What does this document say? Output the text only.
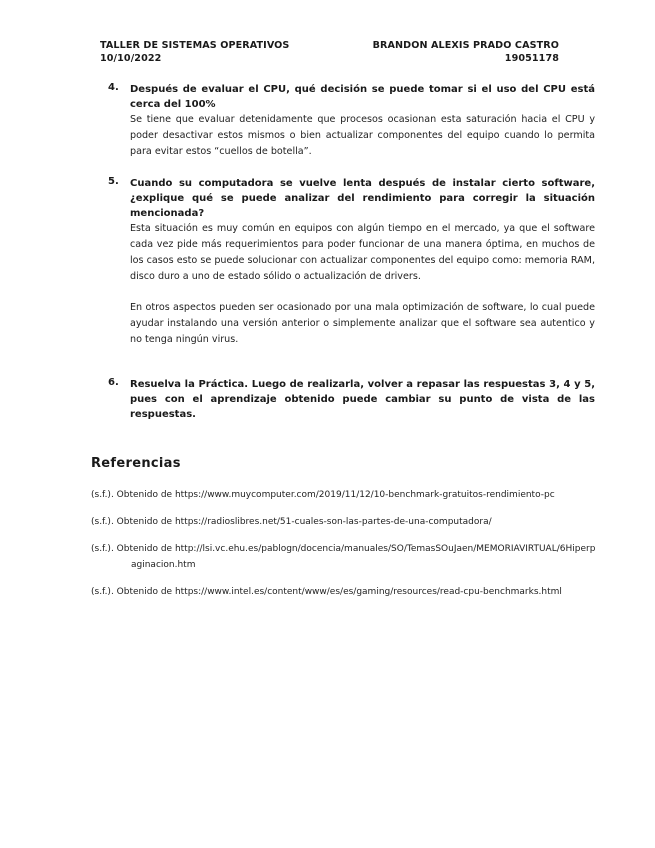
TALLER DE SISTEMAS OPERATIVOS
10/10/2022
BRANDON ALEXIS PRADO CASTRO
19051178
4. Después de evaluar el CPU, qué decisión se puede tomar si el uso del CPU está cerca del 100%

Se tiene que evaluar detenidamente que procesos ocasionan esta saturación hacia el CPU y poder desactivar estos mismos o bien actualizar componentes del equipo cuando lo permita para evitar estos “cuellos de botella”.

5. Cuando su computadora se vuelve lenta después de instalar cierto software, ¿explique qué se puede analizar del rendimiento para corregir la situación mencionada?

Esta situación es muy común en equipos con algún tiempo en el mercado, ya que el software cada vez pide más requerimientos para poder funcionar de una manera óptima, en muchos de los casos esto se puede solucionar con actualizar componentes del equipo como: memoria RAM, disco duro a uno de estado sólido o actualización de drivers.

En otros aspectos pueden ser ocasionado por una mala optimización de software, lo cual puede ayudar instalando una versión anterior o simplemente analizar que el software sea autentico y no tenga ningún virus.

6. Resuelva la Práctica. Luego de realizarla, volver a repasar las respuestas 3, 4 y 5, pues con el aprendizaje obtenido puede cambiar su punto de vista de las respuestas.
Referencias
(s.f.). Obtenido de https://www.muycomputer.com/2019/11/12/10-benchmark-gratuitos-rendimiento-pc
(s.f.). Obtenido de https://radioslibres.net/51-cuales-son-las-partes-de-una-computadora/
(s.f.). Obtenido de http://lsi.vc.ehu.es/pablogn/docencia/manuales/SO/TemasSOuJaen/MEMORIAVIRTUAL/6Hiperpaginacion.htm
(s.f.). Obtenido de https://www.intel.es/content/www/es/es/gaming/resources/read-cpu-benchmarks.html
